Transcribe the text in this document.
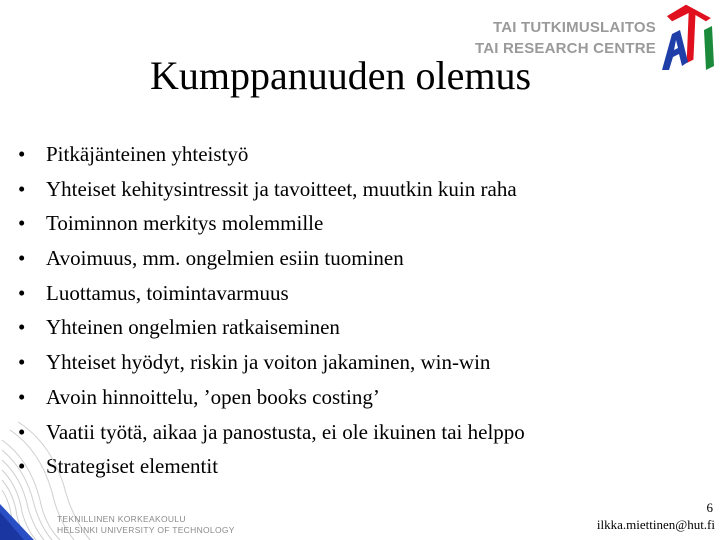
TAI TUTKIMUSLAITOS
TAI RESEARCH CENTRE
Kumppanuuden olemus
• Pitkäjänteinen yhteistyö
• Yhteiset kehitysintressit ja tavoitteet, muutkin kuin raha
• Toiminnon merkitys molemmille
• Avoimuus, mm. ongelmien esiin tuominen
• Luottamus, toimintavarmuus
• Yhteinen ongelmien ratkaiseminen
• Yhteiset hyödyt, riskin ja voiton jakaminen, win-win
• Avoin hinnoittelu, ’open books costing’
• Vaatii työtä, aikaa ja panostusta, ei ole ikuinen tai helppo
• Strategiset elementit
TEKNILLINEN KORKEAKOULU
HELSINKI UNIVERSITY OF TECHNOLOGY
6
ilkka.miettinen@hut.fi
